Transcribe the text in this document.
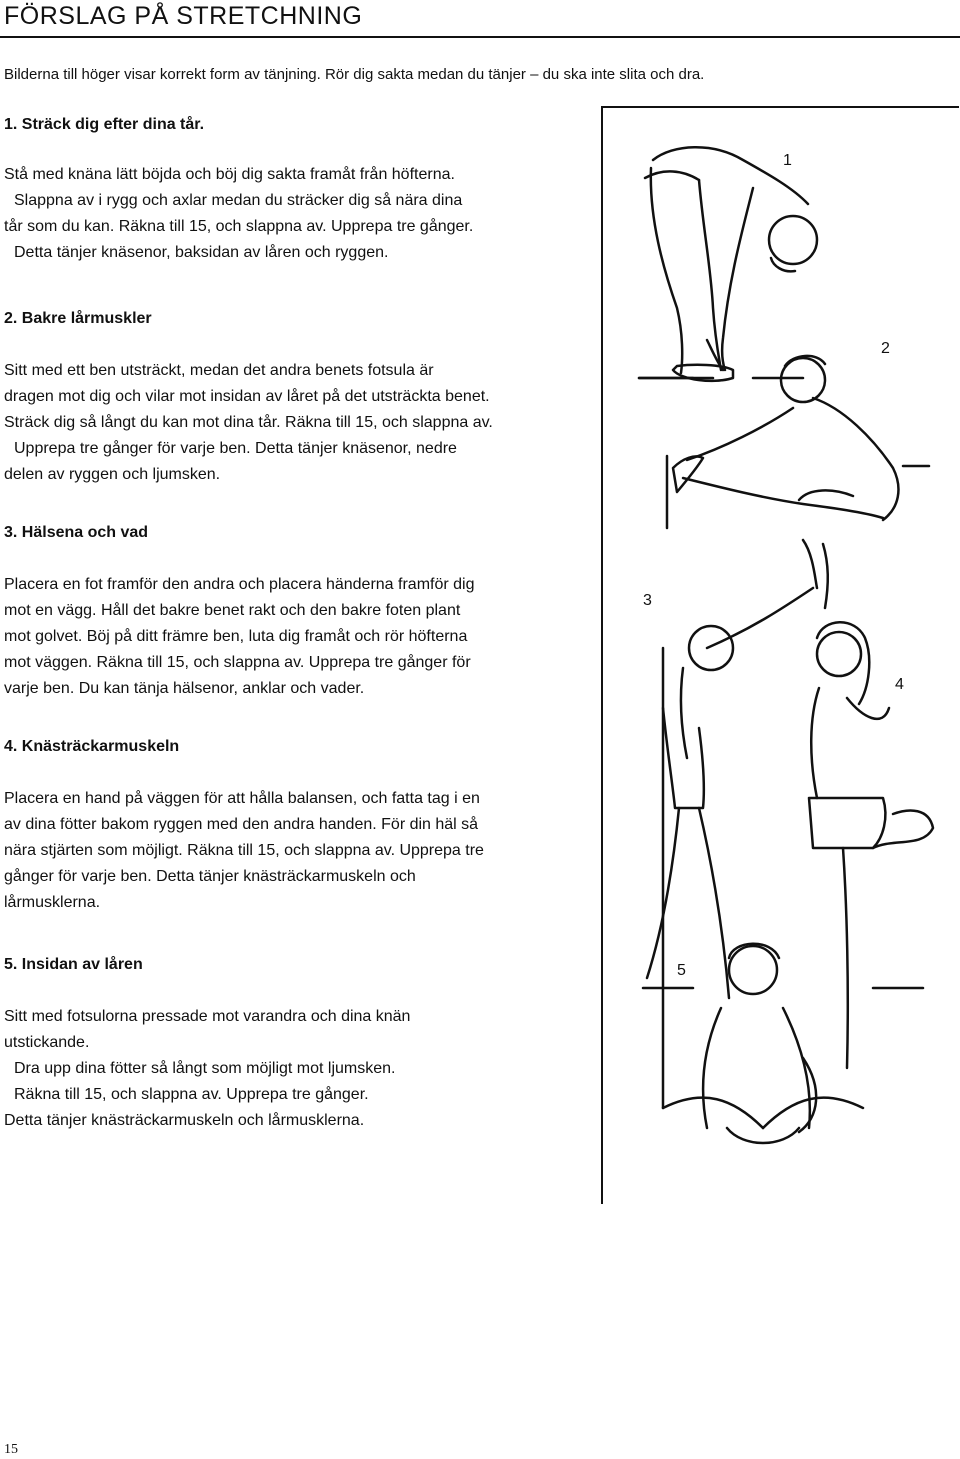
FÖRSLAG PÅ STRETCHNING
Bilderna till höger visar korrekt form av tänjning. Rör dig sakta medan du tänjer – du ska inte slita och dra.
1. Sträck dig efter dina tår.
Stå med knäna lätt böjda och böj dig sakta framåt från höfterna.
Slappna av i rygg och axlar medan du sträcker dig så nära dina
tår som du kan. Räkna till 15, och slappna av. Upprepa tre gånger.
Detta tänjer knäsenor, baksidan av låren och ryggen.
2. Bakre lårmuskler
Sitt med ett ben utsträckt, medan det andra benets fotsula är
dragen mot dig och vilar mot insidan av låret på det utsträckta benet.
Sträck dig så långt du kan mot dina tår. Räkna till 15, och slappna av.
Upprepa tre gånger för varje ben. Detta tänjer knäsenor, nedre
delen av ryggen och ljumsken.
3. Hälsena och vad
Placera en fot framför den andra och placera händerna framför dig
mot en vägg. Håll det bakre benet rakt och den bakre foten plant
mot golvet. Böj på ditt främre ben, luta dig framåt och rör höfterna
mot väggen. Räkna till 15, och slappna av. Upprepa tre gånger för
varje ben. Du kan tänja hälsenor, anklar och vader.
4. Knästräckarmuskeln
Placera en hand på väggen för att hålla balansen, och fatta tag i en
av dina fötter bakom ryggen med den andra handen. För din häl så
nära stjärten som möjligt. Räkna till 15, och slappna av. Upprepa tre
gånger för varje ben. Detta tänjer knästräckarmuskeln och
lårmusklerna.
5. Insidan av låren
Sitt med fotsulorna pressade mot varandra och dina knän
utstickande.
Dra upp dina fötter så långt som möjligt mot ljumsken.
Räkna till 15, och slappna av. Upprepa tre gånger.
Detta tänjer knästräckarmuskeln och lårmusklerna.
1
2
3
4
5
15
